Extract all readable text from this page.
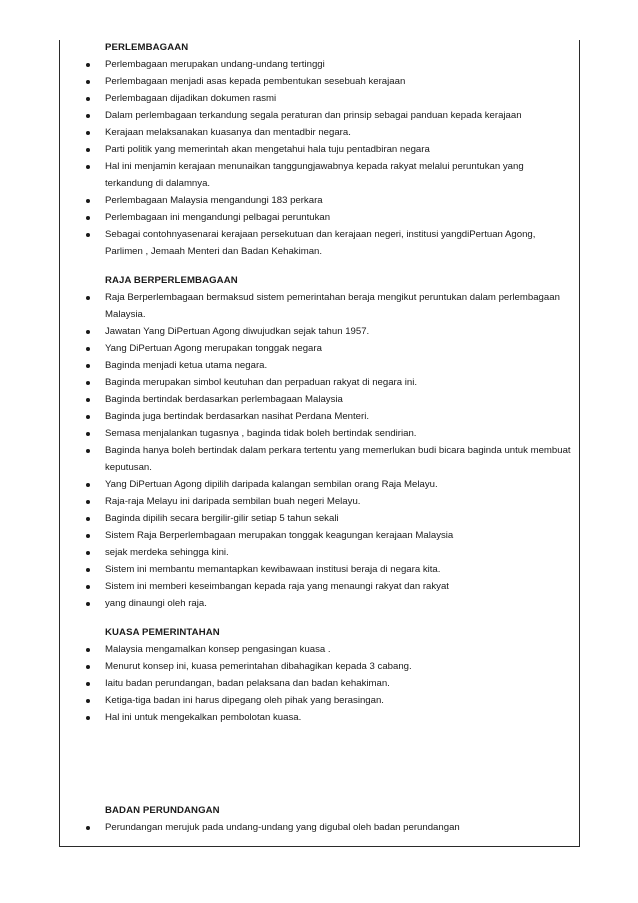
PERLEMBAGAAN
Perlembagaan merupakan undang-undang tertinggi
Perlembagaan menjadi asas kepada pembentukan sesebuah kerajaan
Perlembagaan dijadikan dokumen rasmi
Dalam perlembagaan terkandung segala peraturan dan prinsip sebagai panduan kepada kerajaan
Kerajaan melaksanakan kuasanya dan mentadbir negara.
Parti politik yang memerintah akan mengetahui hala tuju pentadbiran negara
Hal ini menjamin kerajaan menunaikan tanggungjawabnya kepada rakyat melalui peruntukan yang terkandung di dalamnya.
Perlembagaan Malaysia mengandungi 183 perkara
Perlembagaan ini mengandungi pelbagai peruntukan
Sebagai contohnyasenarai kerajaan persekutuan dan kerajaan negeri, institusi yangdiPertuan Agong, Parlimen , Jemaah Menteri dan Badan Kehakiman.
RAJA BERPERLEMBAGAAN
Raja Berperlembagaan bermaksud sistem pemerintahan beraja mengikut peruntukan dalam perlembagaan Malaysia.
Jawatan Yang DiPertuan Agong diwujudkan sejak tahun 1957.
Yang DiPertuan Agong merupakan tonggak negara
Baginda menjadi ketua utama negara.
Baginda merupakan simbol keutuhan dan perpaduan rakyat di negara ini.
Baginda bertindak berdasarkan perlembagaan Malaysia
Baginda juga bertindak berdasarkan nasihat Perdana Menteri.
Semasa menjalankan tugasnya , baginda tidak boleh bertindak sendirian.
Baginda hanya boleh bertindak dalam perkara tertentu yang memerlukan budi bicara baginda untuk membuat keputusan.
Yang DiPertuan Agong dipilih daripada kalangan sembilan orang Raja Melayu.
Raja-raja Melayu ini daripada sembilan buah negeri Melayu.
Baginda dipilih secara bergilir-gilir setiap 5 tahun sekali
Sistem Raja Berperlembagaan merupakan tonggak keagungan kerajaan Malaysia
sejak merdeka sehingga kini.
Sistem ini membantu memantapkan kewibawaan institusi beraja di negara kita.
Sistem ini memberi keseimbangan kepada raja yang menaungi rakyat dan rakyat
yang dinaungi oleh raja.
KUASA PEMERINTAHAN
Malaysia mengamalkan konsep pengasingan kuasa .
Menurut konsep ini, kuasa pemerintahan dibahagikan kepada 3 cabang.
Iaitu badan perundangan, badan pelaksana dan badan kehakiman.
Ketiga-tiga badan ini harus dipegang oleh pihak yang berasingan.
Hal ini untuk mengekalkan pembolotan kuasa.
BADAN PERUNDANGAN
Perundangan merujuk pada undang-undang yang digubal oleh badan perundangan
